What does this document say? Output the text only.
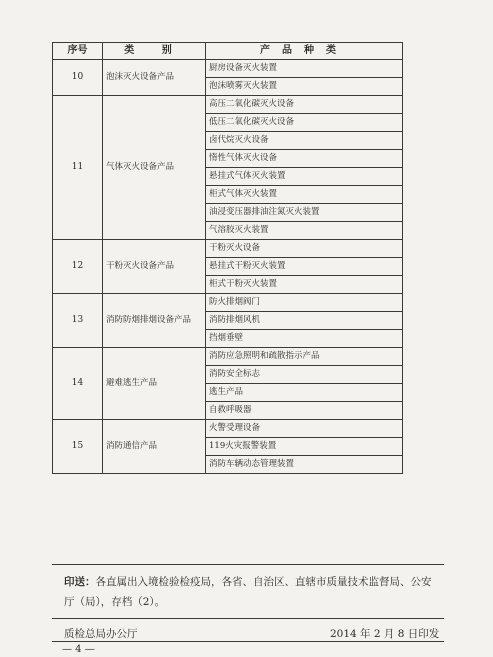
序号	类 别	产品种类
10	泡沫灭火设备产品	厨房设备灭火装置
		泡沫喷雾灭火装置
11	气体灭火设备产品	高压二氧化碳灭火设备
		低压二氧化碳灭火设备
		卤代烷灭火设备
		惰性气体灭火设备
		悬挂式气体灭火装置
		柜式气体灭火装置
		油浸变压器排油注氮灭火装置
		气溶胶灭火装置
12	干粉灭火设备产品	干粉灭火设备
		悬挂式干粉灭火装置
		柜式干粉灭火装置
13	消防防烟排烟设备产品	防火排烟阀门
		消防排烟风机
		挡烟垂壁
14	避难逃生产品	消防应急照明和疏散指示产品
		消防安全标志
		逃生产品
		自救呼吸器
15	消防通信产品	火警受理设备
		119火灾报警装置
		消防车辆动态管理装置
印送：各直属出入境检验检疫局，各省、自治区、直辖市质量技术监督局、公安厅（局），存档（2）。
质检总局办公厅	2014 年 2 月 8 日印发
— 4 —
